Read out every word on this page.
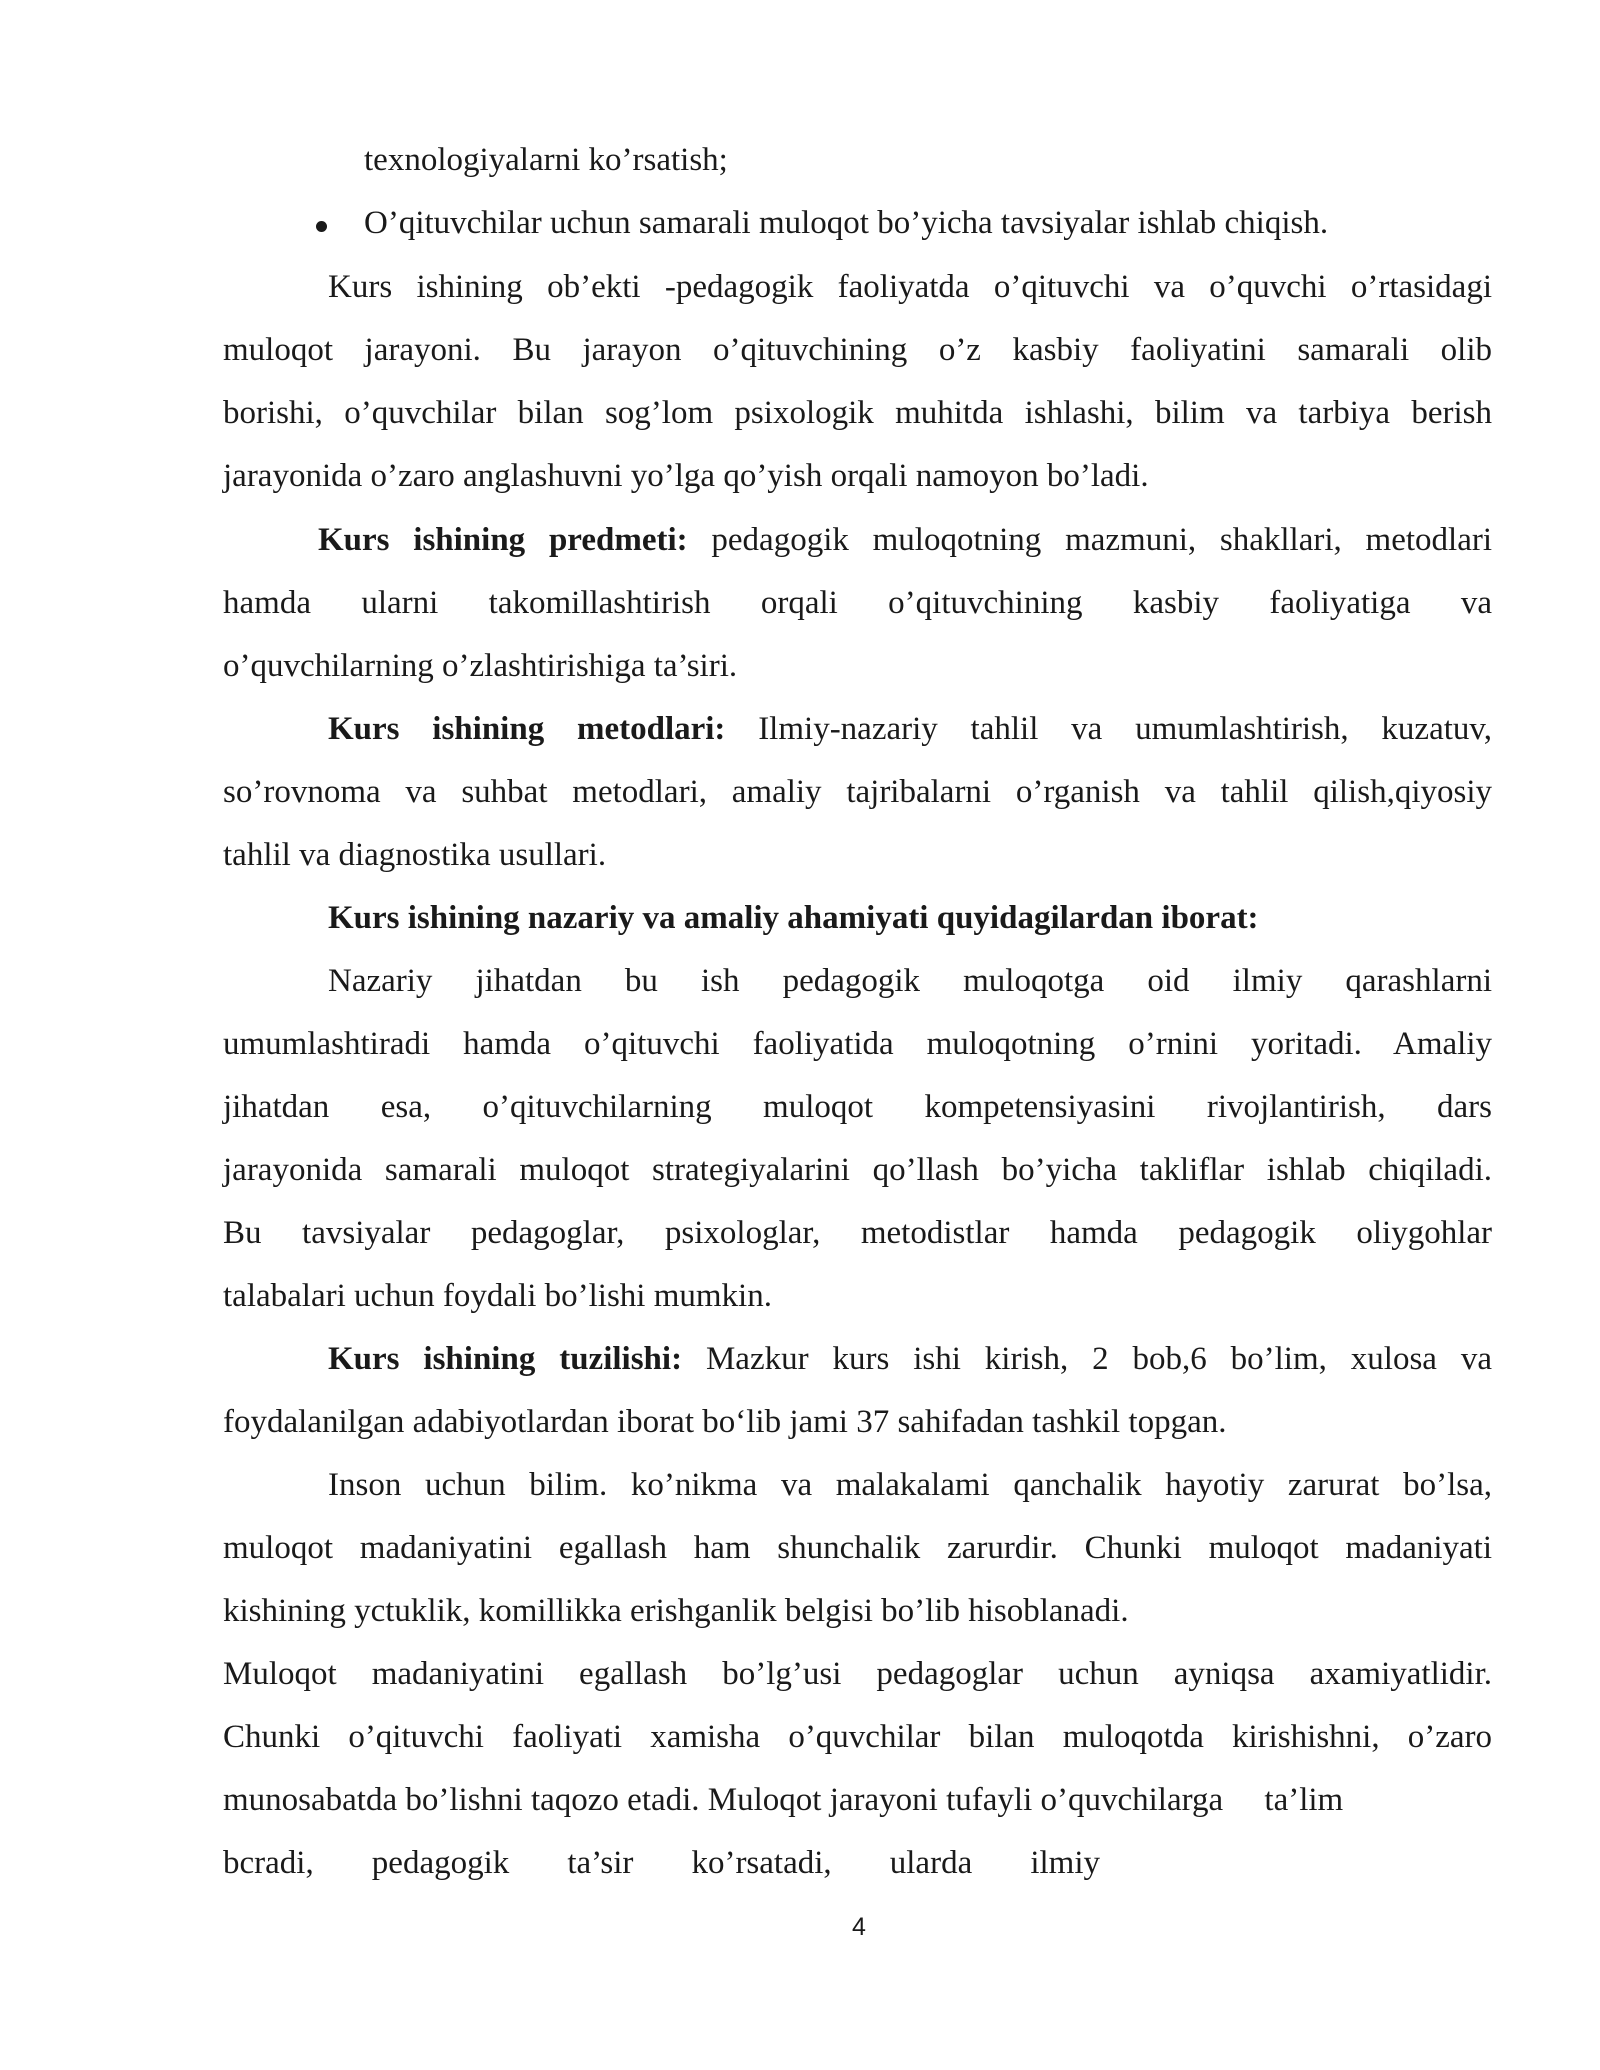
texnologiyalarni ko’rsatish;
O’qituvchilar uchun samarali muloqot bo’yicha tavsiyalar ishlab chiqish.
Kurs ishining ob’ekti -pedagogik faoliyatda o’qituvchi va o’quvchi o’rtasidagi
muloqot jarayoni. Bu jarayon o’qituvchining o’z kasbiy faoliyatini samarali olib
borishi, o’quvchilar bilan sog’lom psixologik muhitda ishlashi, bilim va tarbiya berish
jarayonida o’zaro anglashuvni yo’lga qo’yish orqali namoyon bo’ladi.
Kurs ishining predmeti: pedagogik muloqotning mazmuni, shakllari, metodlari
hamda ularni takomillashtirish orqali o’qituvchining kasbiy faoliyatiga va
o’quvchilarning o’zlashtirishiga ta’siri.
Kurs ishining metodlari: Ilmiy-nazariy tahlil va umumlashtirish, kuzatuv,
so’rovnoma va suhbat metodlari, amaliy tajribalarni o’rganish va tahlil qilish,qiyosiy
tahlil va diagnostika usullari.
Kurs ishining nazariy va amaliy ahamiyati quyidagilardan iborat:
Nazariy jihatdan bu ish pedagogik muloqotga oid ilmiy qarashlarni
umumlashtiradi hamda o’qituvchi faoliyatida muloqotning o’rnini yoritadi. Amaliy
jihatdan esa, o’qituvchilarning muloqot kompetensiyasini rivojlantirish, dars
jarayonida samarali muloqot strategiyalarini qo’llash bo’yicha takliflar ishlab chiqiladi.
Bu tavsiyalar pedagoglar, psixologlar, metodistlar hamda pedagogik oliygohlar
talabalari uchun foydali bo’lishi mumkin.
Kurs ishining tuzilishi: Mazkur kurs ishi kirish, 2 bob,6 bo’lim, xulosa va
foydalanilgan adabiyotlardan iborat bo‘lib jami 37 sahifadan tashkil topgan.
Inson uchun bilim. ko’nikma va malakalami qanchalik hayotiy zarurat bo’lsa,
muloqot madaniyatini egallash ham shunchalik zarurdir. Chunki muloqot madaniyati
kishining yctuklik, komillikka erishganlik belgisi bo’lib hisoblanadi.
Muloqot madaniyatini egallash bo’lg’usi pedagoglar uchun ayniqsa axamiyatlidir.
Chunki o’qituvchi faoliyati xamisha o’quvchilar bilan muloqotda kirishishni, o’zaro
munosabatda bo’lishni taqozo etadi. Muloqot jarayoni tufayli o’quvchilarga     ta’lim
bcradi, pedagogik ta’sir ko’rsatadi, ularda ilmiy
4
